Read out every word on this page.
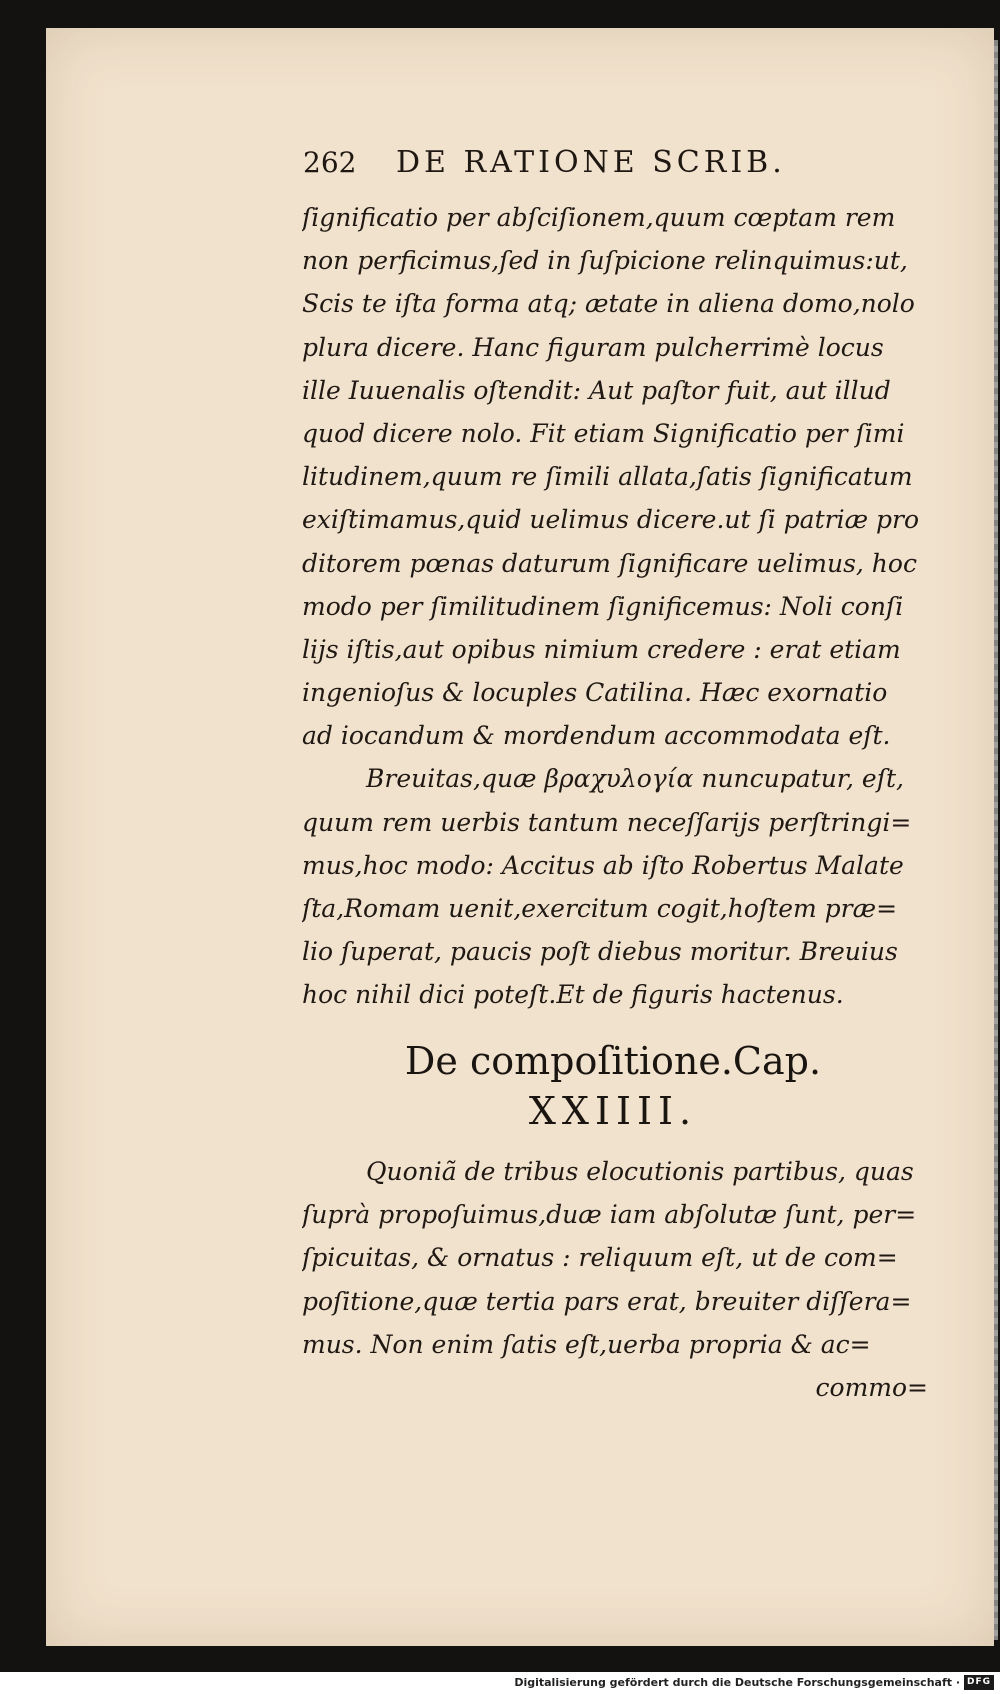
262 DE RATIONE SCRIB.
ſignificatio per abſciſionem,quum cœptam rem
non perficimus,ſed in ſuſpicione relinquimus:ut,
Scis te iſta forma atq; ætate in aliena domo,nolo
plura dicere. Hanc figuram pulcherrimè locus
ille Iuuenalis oſtendit: Aut paſtor fuit, aut illud
quod dicere nolo. Fit etiam Significatio per ſimi
litudinem,quum re ſimili allata,ſatis ſignificatum
exiſtimamus,quid uelimus dicere.ut ſi patriæ pro
ditorem pœnas daturum ſignificare uelimus, hoc
modo per ſimilitudinem ſignificemus: Noli conſi
lijs iſtis,aut opibus nimium credere : erat etiam
ingenioſus & locuples Catilina. Hæc exornatio
ad iocandum & mordendum accommodata eſt.
Breuitas,quæ βραχυλογία nuncupatur, eſt,
quum rem uerbis tantum neceſſarijs perſtringi=
mus,hoc modo: Accitus ab iſto Robertus Malate
ſta,Romam uenit,exercitum cogit,hoſtem præ=
lio ſuperat, paucis poſt diebus moritur. Breuius
hoc nihil dici poteſt.Et de figuris hactenus.
De compoſitione.Cap.
XXIIII.
Quoniã de tribus elocutionis partibus, quas
ſuprà propoſuimus,duæ iam abſolutæ ſunt, per=
ſpicuitas, & ornatus : reliquum eſt, ut de com=
poſitione,quæ tertia pars erat, breuiter diſſera=
mus. Non enim ſatis eſt,uerba propria & ac=
commo=
Digitalisierung gefördert durch die Deutsche Forschungsgemeinschaft · DFG
